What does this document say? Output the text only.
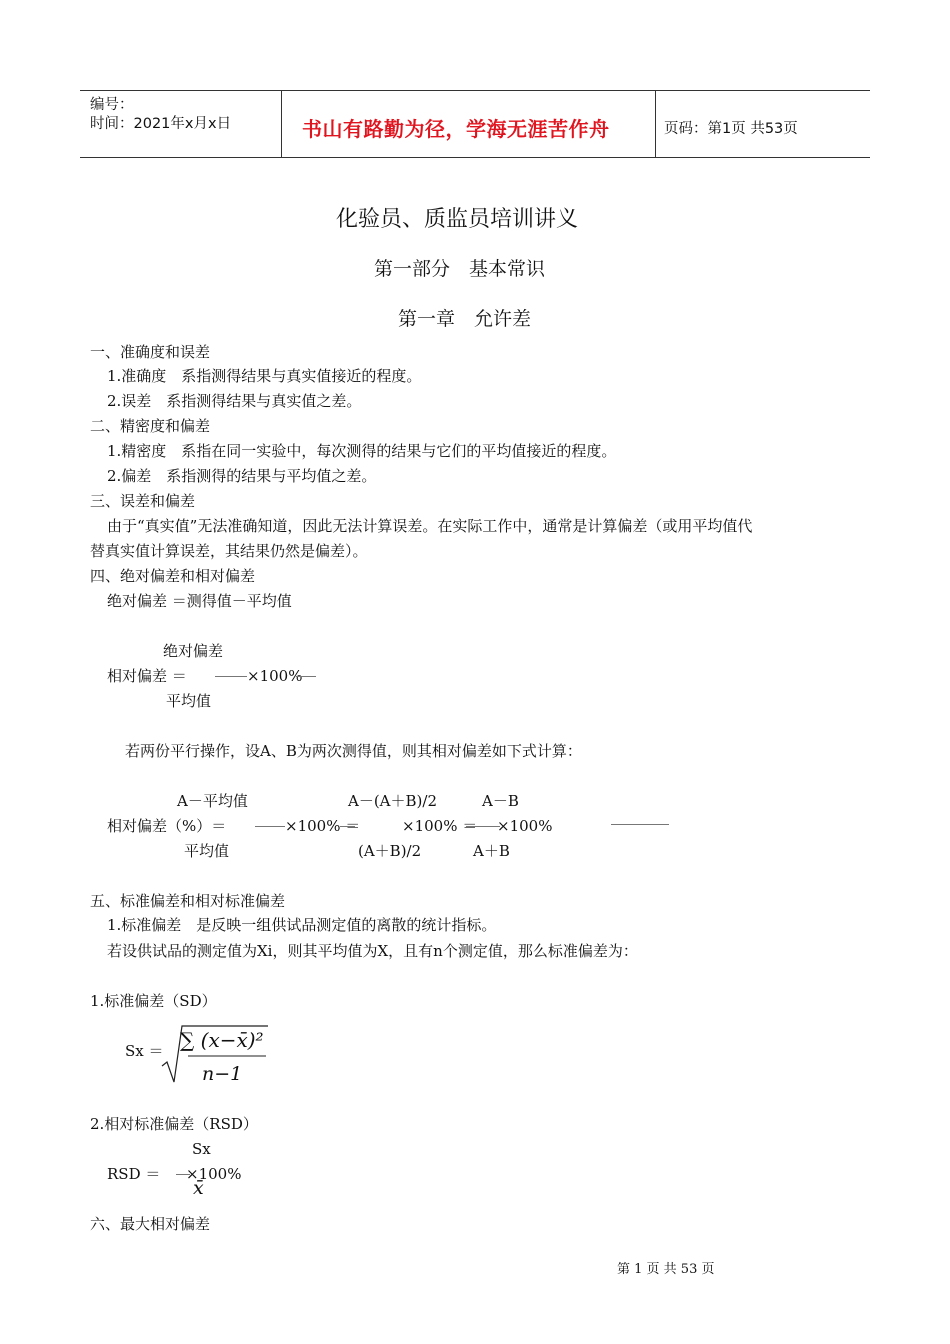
编号：
时间：2021年x月x日	书山有路勤为径，学海无涯苦作舟	页码：第1页 共53页
化验员、质监员培训讲义
第一部分　基本常识
第一章　允许差
一、准确度和误差
1.准确度　系指测得结果与真实值接近的程度。
2.误差　系指测得结果与真实值之差。
二、精密度和偏差
1.精密度　系指在同一实验中，每次测得的结果与它们的平均值接近的程度。
2.偏差　系指测得的结果与平均值之差。
三、误差和偏差
由于“真实值”无法准确知道，因此无法计算误差。在实际工作中，通常是计算偏差（或用平均值代
替真实值计算误差，其结果仍然是偏差）。
四、绝对偏差和相对偏差
绝对偏差 ＝测得值－平均值
绝对偏差
相对偏差 ＝	×100%
平均值
若两份平行操作，设A、B为两次测得值，则其相对偏差如下式计算：
A－平均值	A－(A＋B)/2	A－B
相对偏差（%）＝	×100% ＝	×100% ＝ ×100%
平均值	(A＋B)/2	A＋B
五、标准偏差和相对标准偏差
1.标准偏差　是反映一组供试品测定值的离散的统计指标。
若设供试品的测定值为Xi，则其平均值为X，且有n个测定值，那么标准偏差为：
1.标准偏差（SD）
Sx ＝ ∑ (x−x̄)²
n−1
2.相对标准偏差（RSD）
Sx
RSD ＝ ×100%
x̄
六、最大相对偏差
第 1 页 共 53 页
